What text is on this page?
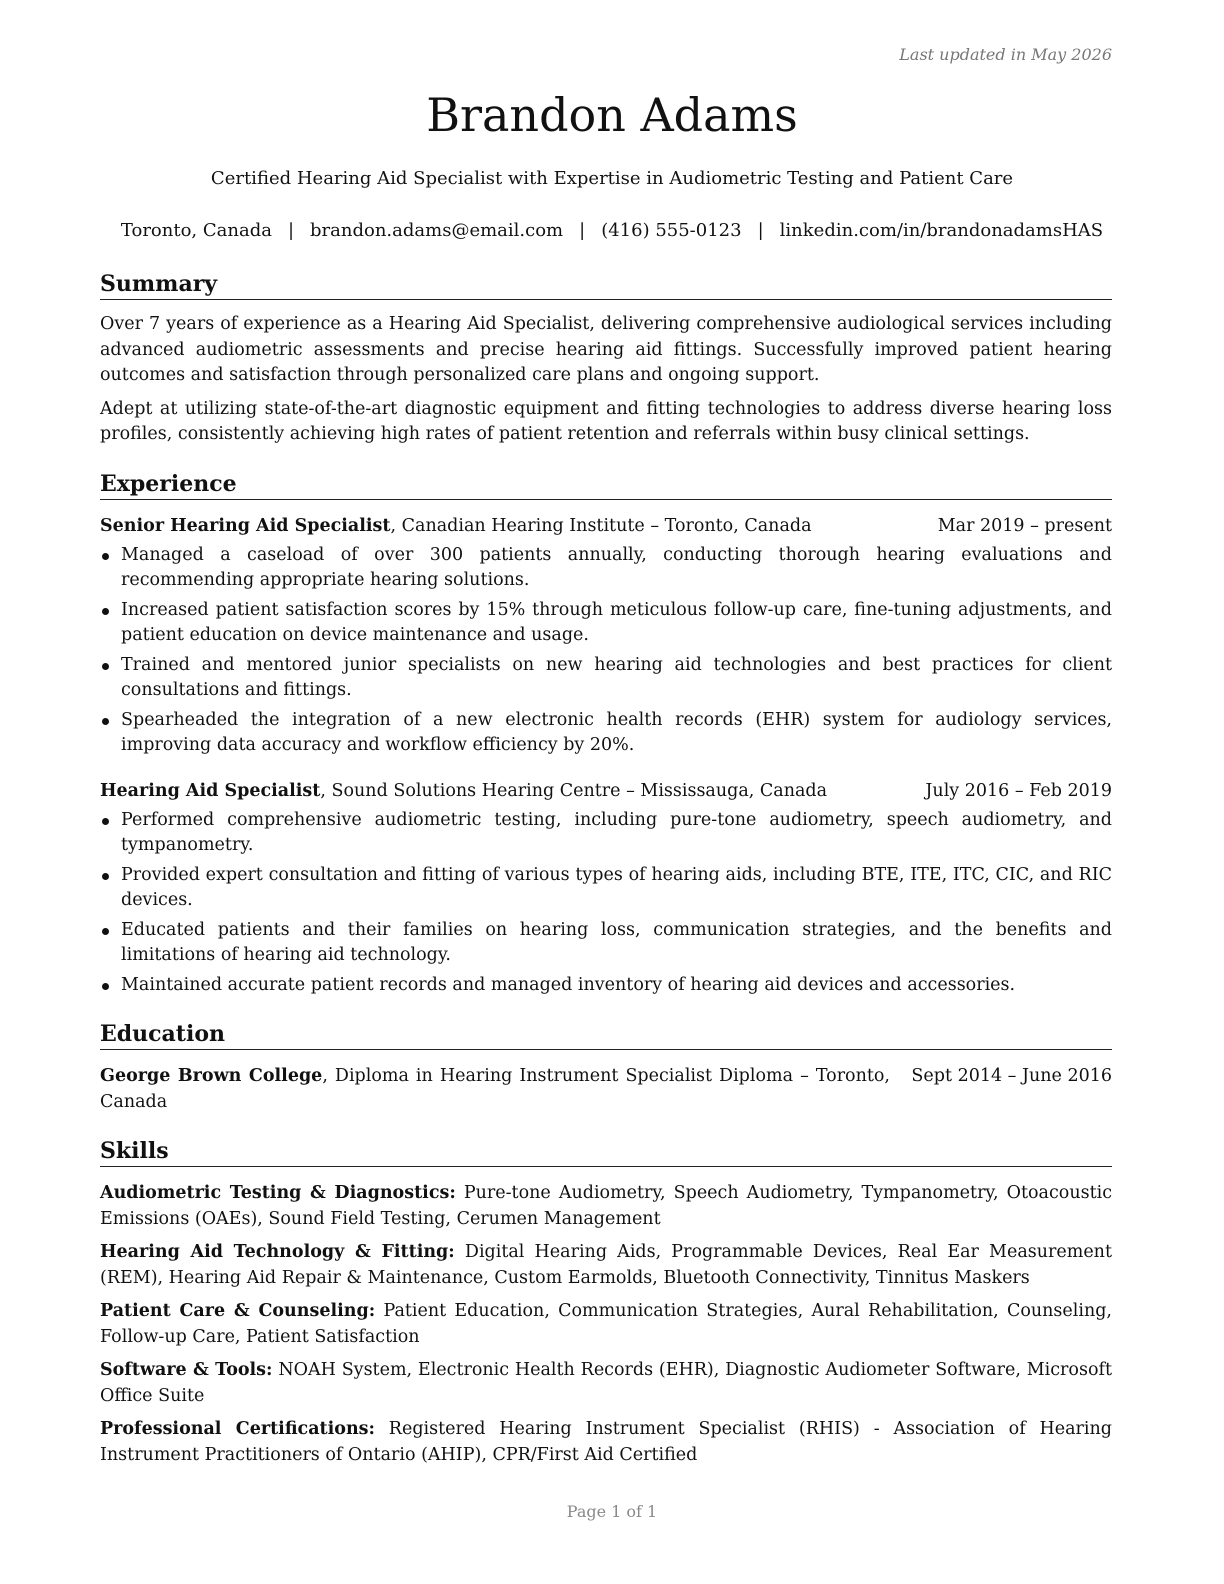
Last updated in May 2026
Brandon Adams
Certified Hearing Aid Specialist with Expertise in Audiometric Testing and Patient Care
Toronto, Canada | brandon.adams@email.com | (416) 555-0123 | linkedin.com/in/brandonadamsHAS
Summary

Over 7 years of experience as a Hearing Aid Specialist, delivering comprehensive audiological services including advanced audiometric assessments and precise hearing aid fittings. Successfully improved patient hearing outcomes and satisfaction through personalized care plans and ongoing support.

Adept at utilizing state-of-the-art diagnostic equipment and fitting technologies to address diverse hearing loss profiles, consistently achieving high rates of patient retention and referrals within busy clinical settings.

Experience
Senior Hearing Aid Specialist, Canadian Hearing Institute – Toronto, Canada	Mar 2019 – present
Managed a caseload of over 300 patients annually, conducting thorough hearing evaluations and recommending appropriate hearing solutions.
Increased patient satisfaction scores by 15% through meticulous follow-up care, fine-tuning adjustments, and patient education on device maintenance and usage.
Trained and mentored junior specialists on new hearing aid technologies and best practices for client consultations and fittings.
Spearheaded the integration of a new electronic health records (EHR) system for audiology services, improving data accuracy and workflow efficiency by 20%.
Hearing Aid Specialist, Sound Solutions Hearing Centre – Mississauga, Canada	July 2016 – Feb 2019
Performed comprehensive audiometric testing, including pure-tone audiometry, speech audiometry, and tympanometry.
Provided expert consultation and fitting of various types of hearing aids, including BTE, ITE, ITC, CIC, and RIC devices.
Educated patients and their families on hearing loss, communication strategies, and the benefits and limitations of hearing aid technology.
Maintained accurate patient records and managed inventory of hearing aid devices and accessories.
Education
George Brown College, Diploma in Hearing Instrument Specialist Diploma – Toronto, Canada
Sept 2014 – June 2016
Skills

Audiometric Testing & Diagnostics: Pure-tone Audiometry, Speech Audiometry, Tympanometry, Otoacoustic Emissions (OAEs), Sound Field Testing, Cerumen Management

Hearing Aid Technology & Fitting: Digital Hearing Aids, Programmable Devices, Real Ear Measurement (REM), Hearing Aid Repair & Maintenance, Custom Earmolds, Bluetooth Connectivity, Tinnitus Maskers

Patient Care & Counseling: Patient Education, Communication Strategies, Aural Rehabilitation, Counseling, Follow-up Care, Patient Satisfaction

Software & Tools: NOAH System, Electronic Health Records (EHR), Diagnostic Audiometer Software, Microsoft Office Suite

Professional Certifications: Registered Hearing Instrument Specialist (RHIS) - Association of Hearing Instrument Practitioners of Ontario (AHIP), CPR/First Aid Certified

Page 1 of 1
